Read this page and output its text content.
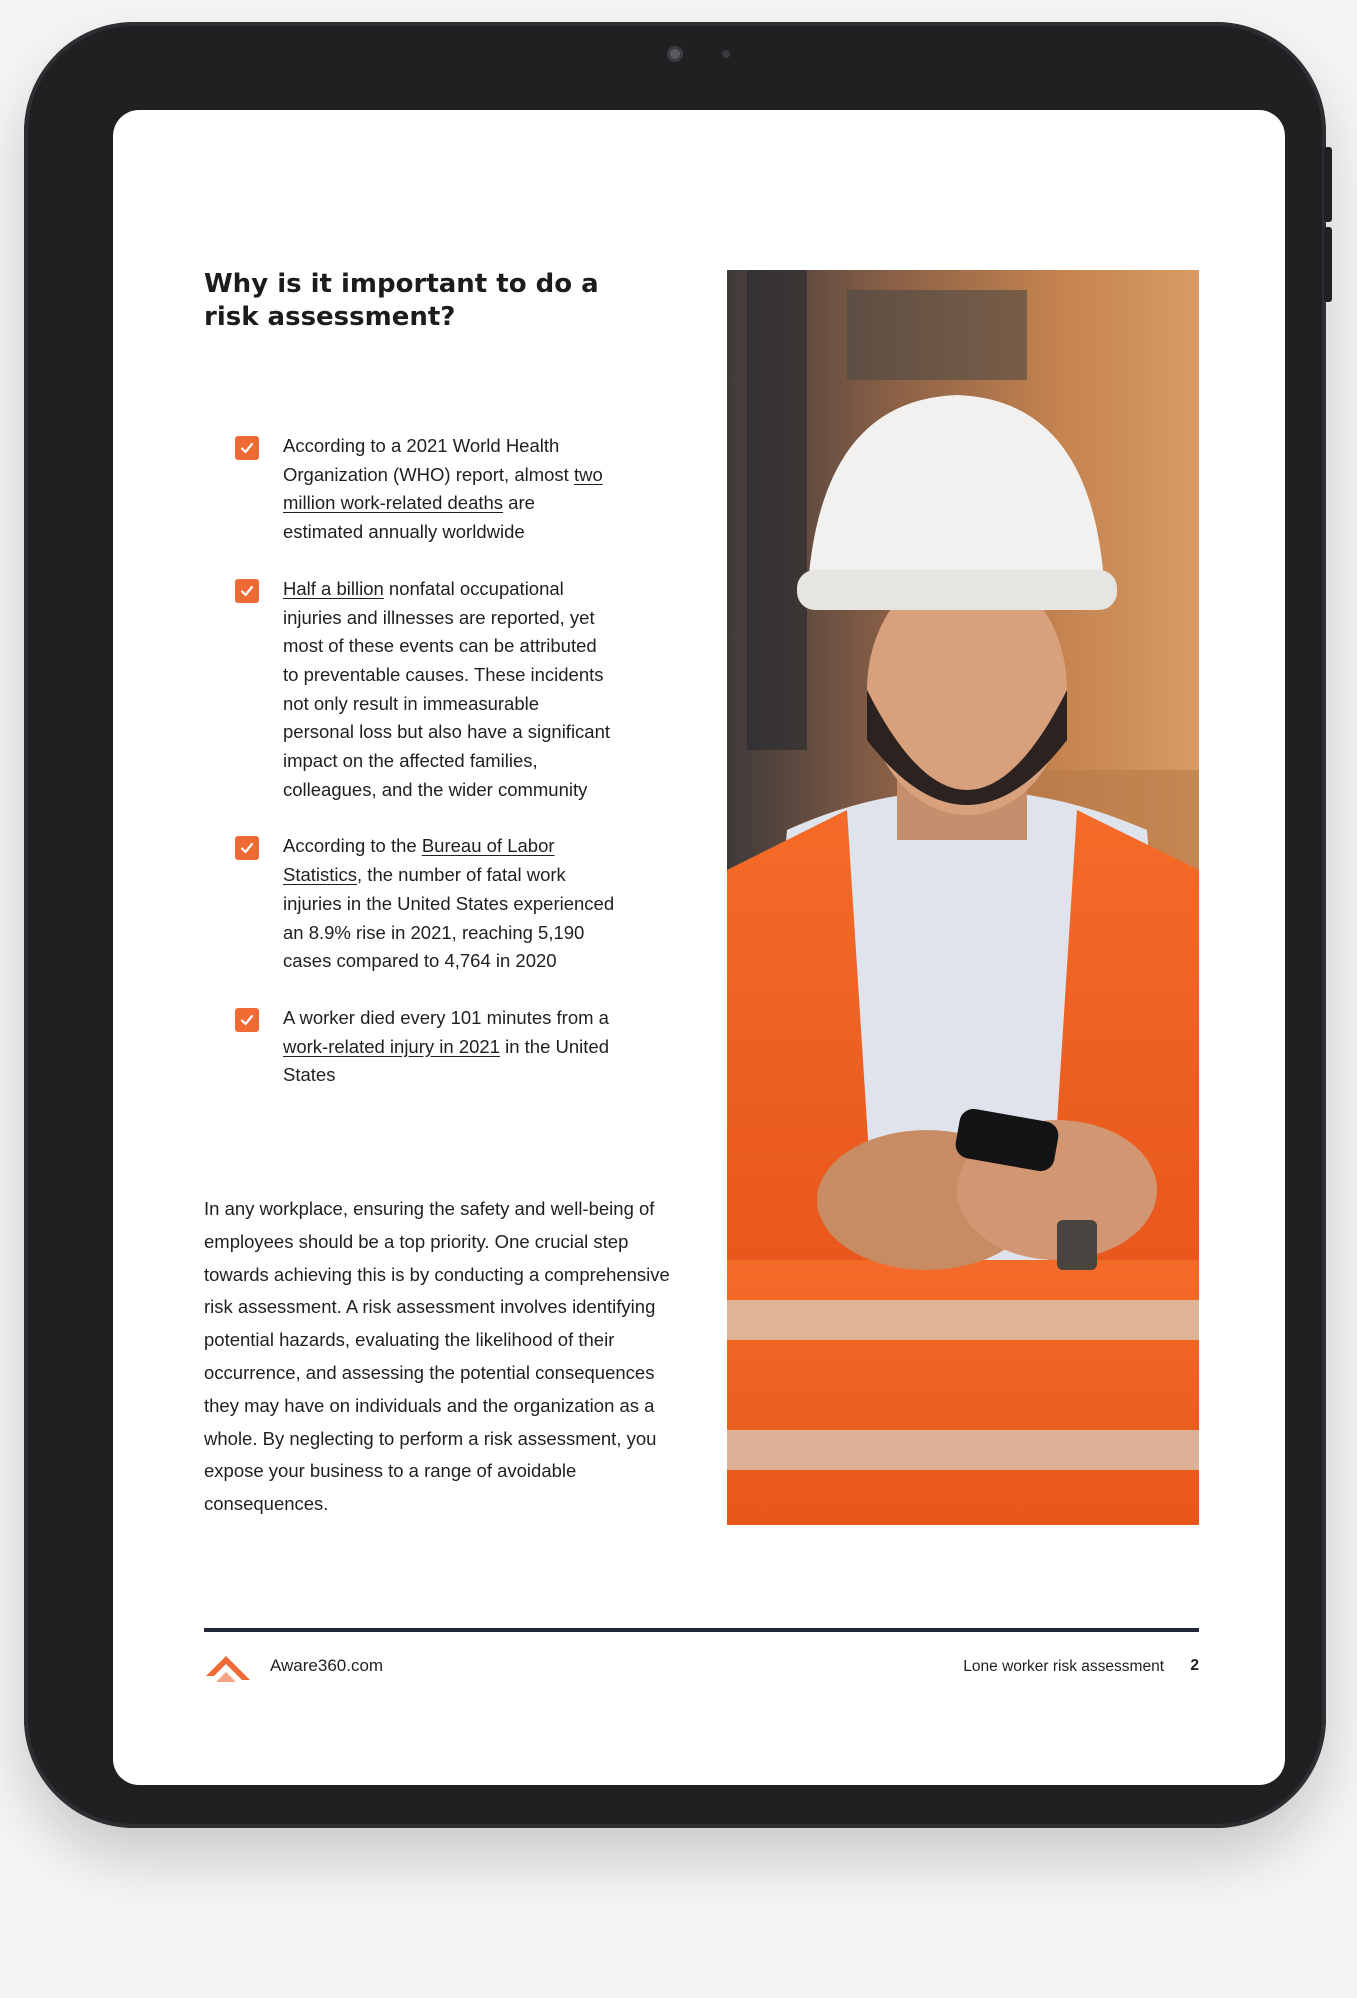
Why is it important to do a risk assessment?
According to a 2021 World Health Organization (WHO) report, almost two million work-related deaths are estimated annually worldwide
Half a billion nonfatal occupational injuries and illnesses are reported, yet most of these events can be attributed to preventable causes. These incidents not only result in immeasurable personal loss but also have a significant impact on the affected families, colleagues, and the wider community
According to the Bureau of Labor Statistics, the number of fatal work injuries in the United States experienced an 8.9% rise in 2021, reaching 5,190 cases compared to 4,764 in 2020
A worker died every 101 minutes from a work-related injury in 2021 in the United States

In any workplace, ensuring the safety and well-being of employees should be a top priority. One crucial step towards achieving this is by conducting a comprehensive risk assessment. A risk assessment involves identifying potential hazards, evaluating the likelihood of their occurrence, and assessing the potential consequences they may have on individuals and the organization as a whole. By neglecting to perform a risk assessment, you expose your business to a range of avoidable consequences.

Aware360.com	Lone worker risk assessment 2
